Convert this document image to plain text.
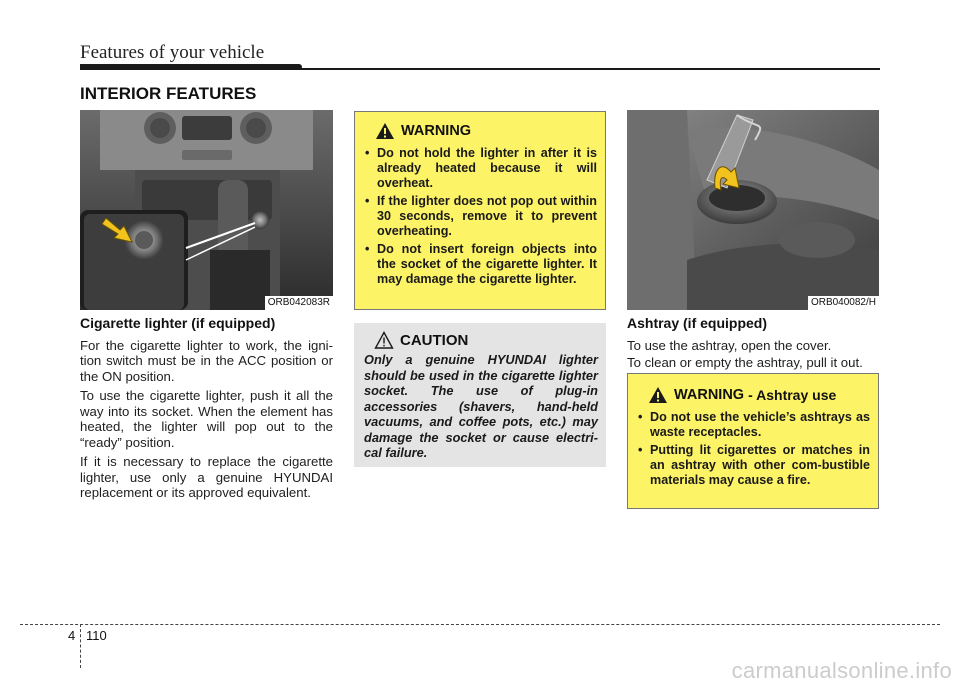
Features of your vehicle
INTERIOR FEATURES
ORB042083R
Cigarette lighter (if equipped)

For the cigarette lighter to work, the igni-tion switch must be in the ACC position or the ON position.

To use the cigarette lighter, push it all the way into its socket. When the element has heated, the lighter will pop out to the “ready” position.

If it is necessary to replace the cigarette lighter, use only a genuine HYUNDAI replacement or its approved equivalent.

WARNING
• Do not hold the lighter in after it is already heated because it will overheat.
• If the lighter does not pop out within 30 seconds, remove it to prevent overheating.
• Do not insert foreign objects into the socket of the cigarette lighter. It may damage the cigarette lighter.
CAUTION
Only a genuine HYUNDAI lighter should be used in the cigarette lighter socket. The use of plug-in accessories (shavers, hand-held vacuums, and coffee pots, etc.) may damage the socket or cause electri-cal failure.
ORB040082/H
Ashtray (if equipped)

To use the ashtray, open the cover.

To clean or empty the ashtray, pull it out.

WARNING - Ashtray use
• Do not use the vehicle’s ashtrays as waste receptacles.
• Putting lit cigarettes or matches in an ashtray with other com-bustible materials may cause a fire.
4 110
carmanualsonline.info
